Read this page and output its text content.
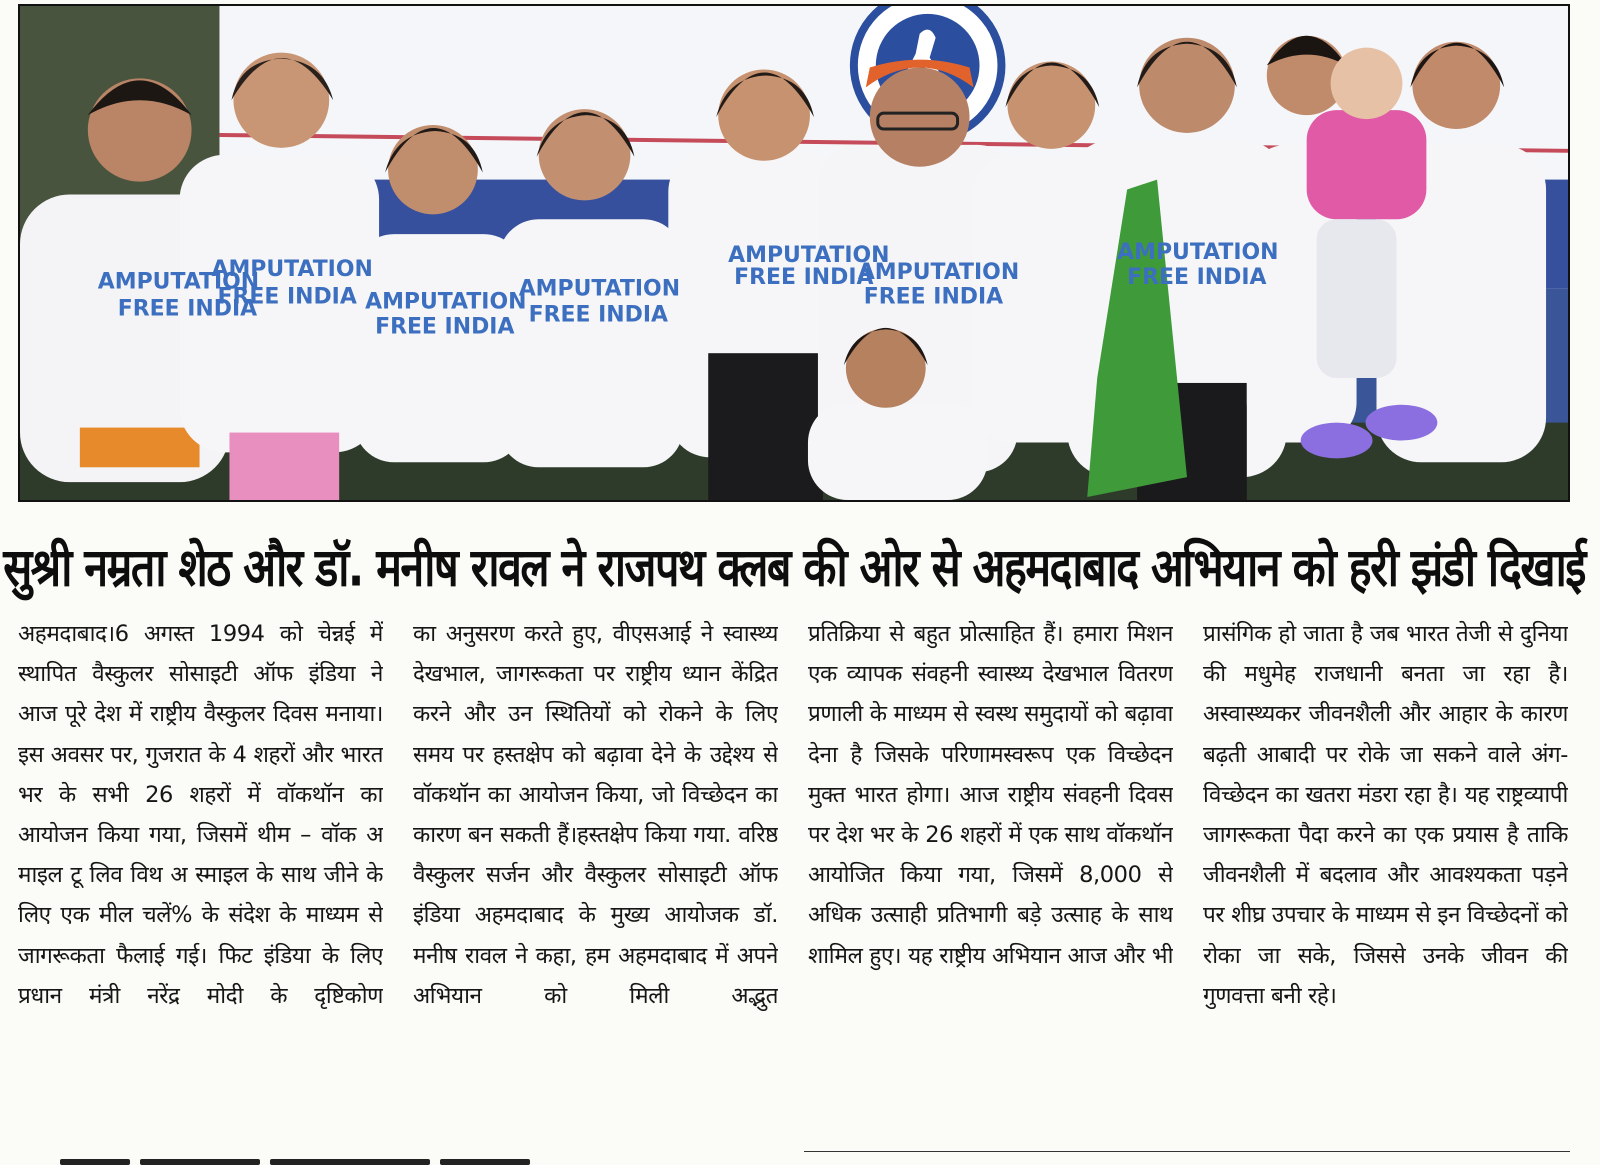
AMPUTATION
FREE INDIA
AMPUTATION
FREE INDIA AMPUTATION
FREE INDIA
AMPUTATION
FREE INDIA
AMPUTATION
FREE INDIA
AMPUTATION
FREE INDIA
AMPUTATION
FREE INDIA
सुश्री नम्रता शेठ और डॉ. मनीष रावल ने राजपथ क्लब की ओर से अहमदाबाद अभियान को हरी झंडी दिखाई
अहमदाबाद।6 अगस्त 1994 को चेन्नई में स्थापित वैस्कुलर सोसाइटी ऑफ इंडिया ने आज पूरे देश में राष्ट्रीय वैस्कुलर दिवस मनाया।इस अवसर पर, गुजरात के 4 शहरों और भारत भर के सभी 26 शहरों में वॉकथॉन का आयोजन किया गया, जिसमें थीम – वॉक अ माइल टू लिव विथ अ स्माइल के साथ जीने के लिए एक मील चलें% के संदेश के माध्यम से जागरूकता फैलाई गई। फिट इंडिया के लिए प्रधान मंत्री नरेंद्र मोदी के दृष्टिकोण
का अनुसरण करते हुए, वीएसआई ने स्वास्थ्य देखभाल, जागरूकता पर राष्ट्रीय ध्यान केंद्रित करने और उन स्थितियों को रोकने के लिए समय पर हस्तक्षेप को बढ़ावा देने के उद्देश्य से वॉकथॉन का आयोजन किया, जो विच्छेदन का कारण बन सकती हैं।हस्तक्षेप किया गया. वरिष्ठ वैस्कुलर सर्जन और वैस्कुलर सोसाइटी ऑफ इंडिया अहमदाबाद के मुख्य आयोजक डॉ. मनीष रावल ने कहा, हम अहमदाबाद में अपने अभियान को मिली अद्भुत
प्रतिक्रिया से बहुत प्रोत्साहित हैं। हमारा मिशन एक व्यापक संवहनी स्वास्थ्य देखभाल वितरण प्रणाली के माध्यम से स्वस्थ समुदायों को बढ़ावा देना है जिसके परिणामस्वरूप एक विच्छेदन मुक्त भारत होगा। आज राष्ट्रीय संवहनी दिवस पर देश भर के 26 शहरों में एक साथ वॉकथॉन आयोजित किया गया, जिसमें 8,000 से अधिक उत्साही प्रतिभागी बड़े उत्साह के साथ शामिल हुए। यह राष्ट्रीय अभियान आज और भी
प्रासंगिक हो जाता है जब भारत तेजी से दुनिया की मधुमेह राजधानी बनता जा रहा है। अस्वास्थ्यकर जीवनशैली और आहार के कारण बढ़ती आबादी पर रोके जा सकने वाले अंग-विच्छेदन का खतरा मंडरा रहा है। यह राष्ट्रव्यापी जागरूकता पैदा करने का एक प्रयास है ताकि जीवनशैली में बदलाव और आवश्यकता पड़ने पर शीघ्र उपचार के माध्यम से इन विच्छेदनों को रोका जा सके, जिससे उनके जीवन की गुणवत्ता बनी रहे।
